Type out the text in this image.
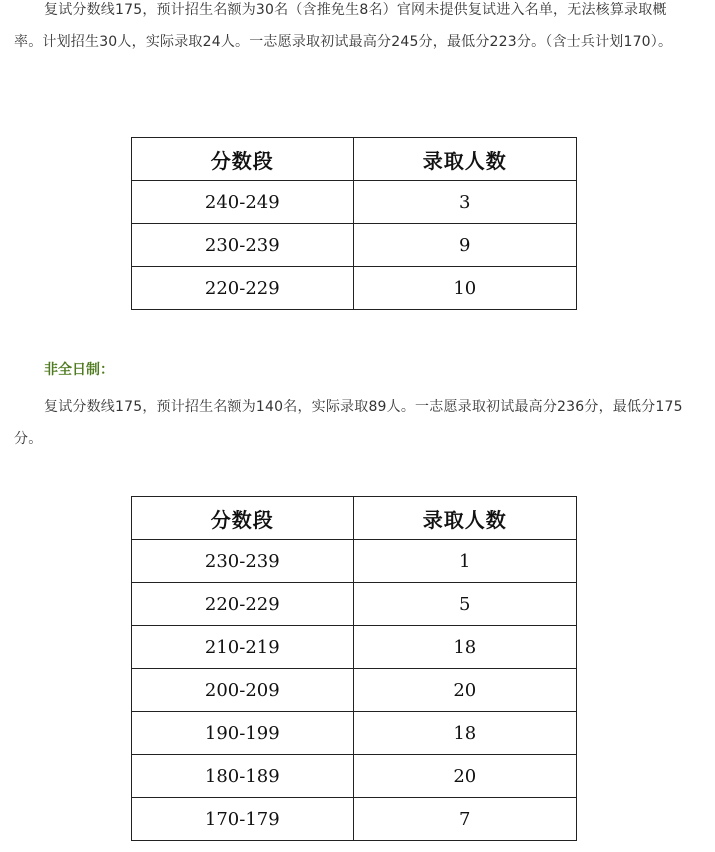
复试分数线175，预计招生名额为30名（含推免生8名）官网未提供复试进入名单，无法核算录取概率。计划招生30人，实际录取24人。一志愿录取初试最高分245分，最低分223分。（含士兵计划170）。

分数段	录取人数
240-249	3
230-239	9
220-229	10

非全日制：

复试分数线175，预计招生名额为140名，实际录取89人。一志愿录取初试最高分236分，最低分175分。

分数段	录取人数
230-239	1
220-229	5
210-219	18
200-209	20
190-199	18
180-189	20
170-179	7
